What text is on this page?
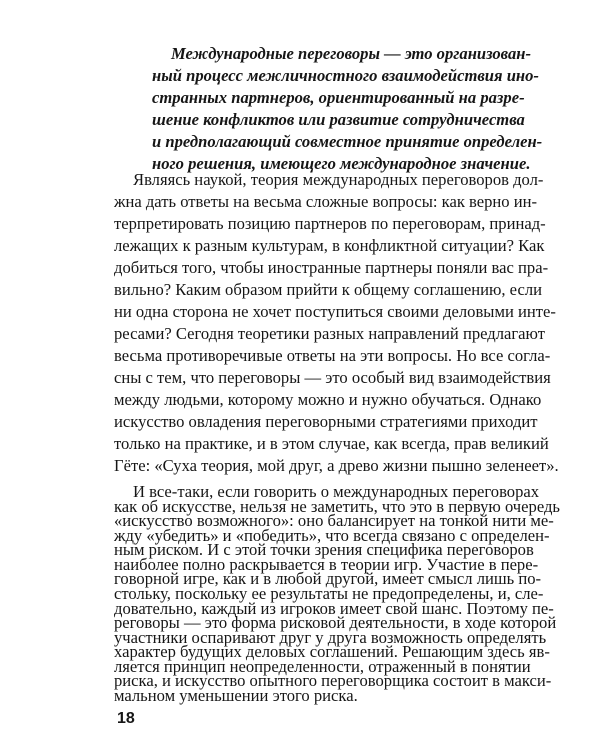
Международные переговоры — это организован-

ный процесс межличностного взаимодействия ино-

странных партнеров, ориентированный на разре-

шение конфликтов или развитие сотрудничества

и предполагающий совместное принятие определен-

ного решения, имеющего международное значение.

Являясь наукой, теория международных переговоров дол-

жна дать ответы на весьма сложные вопросы: как верно ин-

терпретировать позицию партнеров по переговорам, принад-

лежащих к разным культурам, в конфликтной ситуации? Как

добиться того, чтобы иностранные партнеры поняли вас пра-

вильно? Каким образом прийти к общему соглашению, если

ни одна сторона не хочет поступиться своими деловыми инте-

ресами? Сегодня теоретики разных направлений предлагают

весьма противоречивые ответы на эти вопросы. Но все согла-

сны с тем, что переговоры — это особый вид взаимодействия

между людьми, которому можно и нужно обучаться. Однако

искусство овладения переговорными стратегиями приходит

только на практике, и в этом случае, как всегда, прав великий

Гёте: «Суха теория, мой друг, а древо жизни пышно зеленеет».

И все-таки, если говорить о международных переговорах

как об искусстве, нельзя не заметить, что это в первую очередь

«искусство возможного»: оно балансирует на тонкой нити ме-

жду «убедить» и «победить», что всегда связано с определен-

ным риском. И с этой точки зрения специфика переговоров

наиболее полно раскрывается в теории игр. Участие в пере-

говорной игре, как и в любой другой, имеет смысл лишь по-

стольку, поскольку ее результаты не предопределены, и, сле-

довательно, каждый из игроков имеет свой шанс. Поэтому пе-

реговоры — это форма рисковой деятельности, в ходе которой

участники оспаривают друг у друга возможность определять

характер будущих деловых соглашений. Решающим здесь яв-

ляется принцип неопределенности, отраженный в понятии

риска, и искусство опытного переговорщика состоит в макси-

мальном уменьшении этого риска.

18
